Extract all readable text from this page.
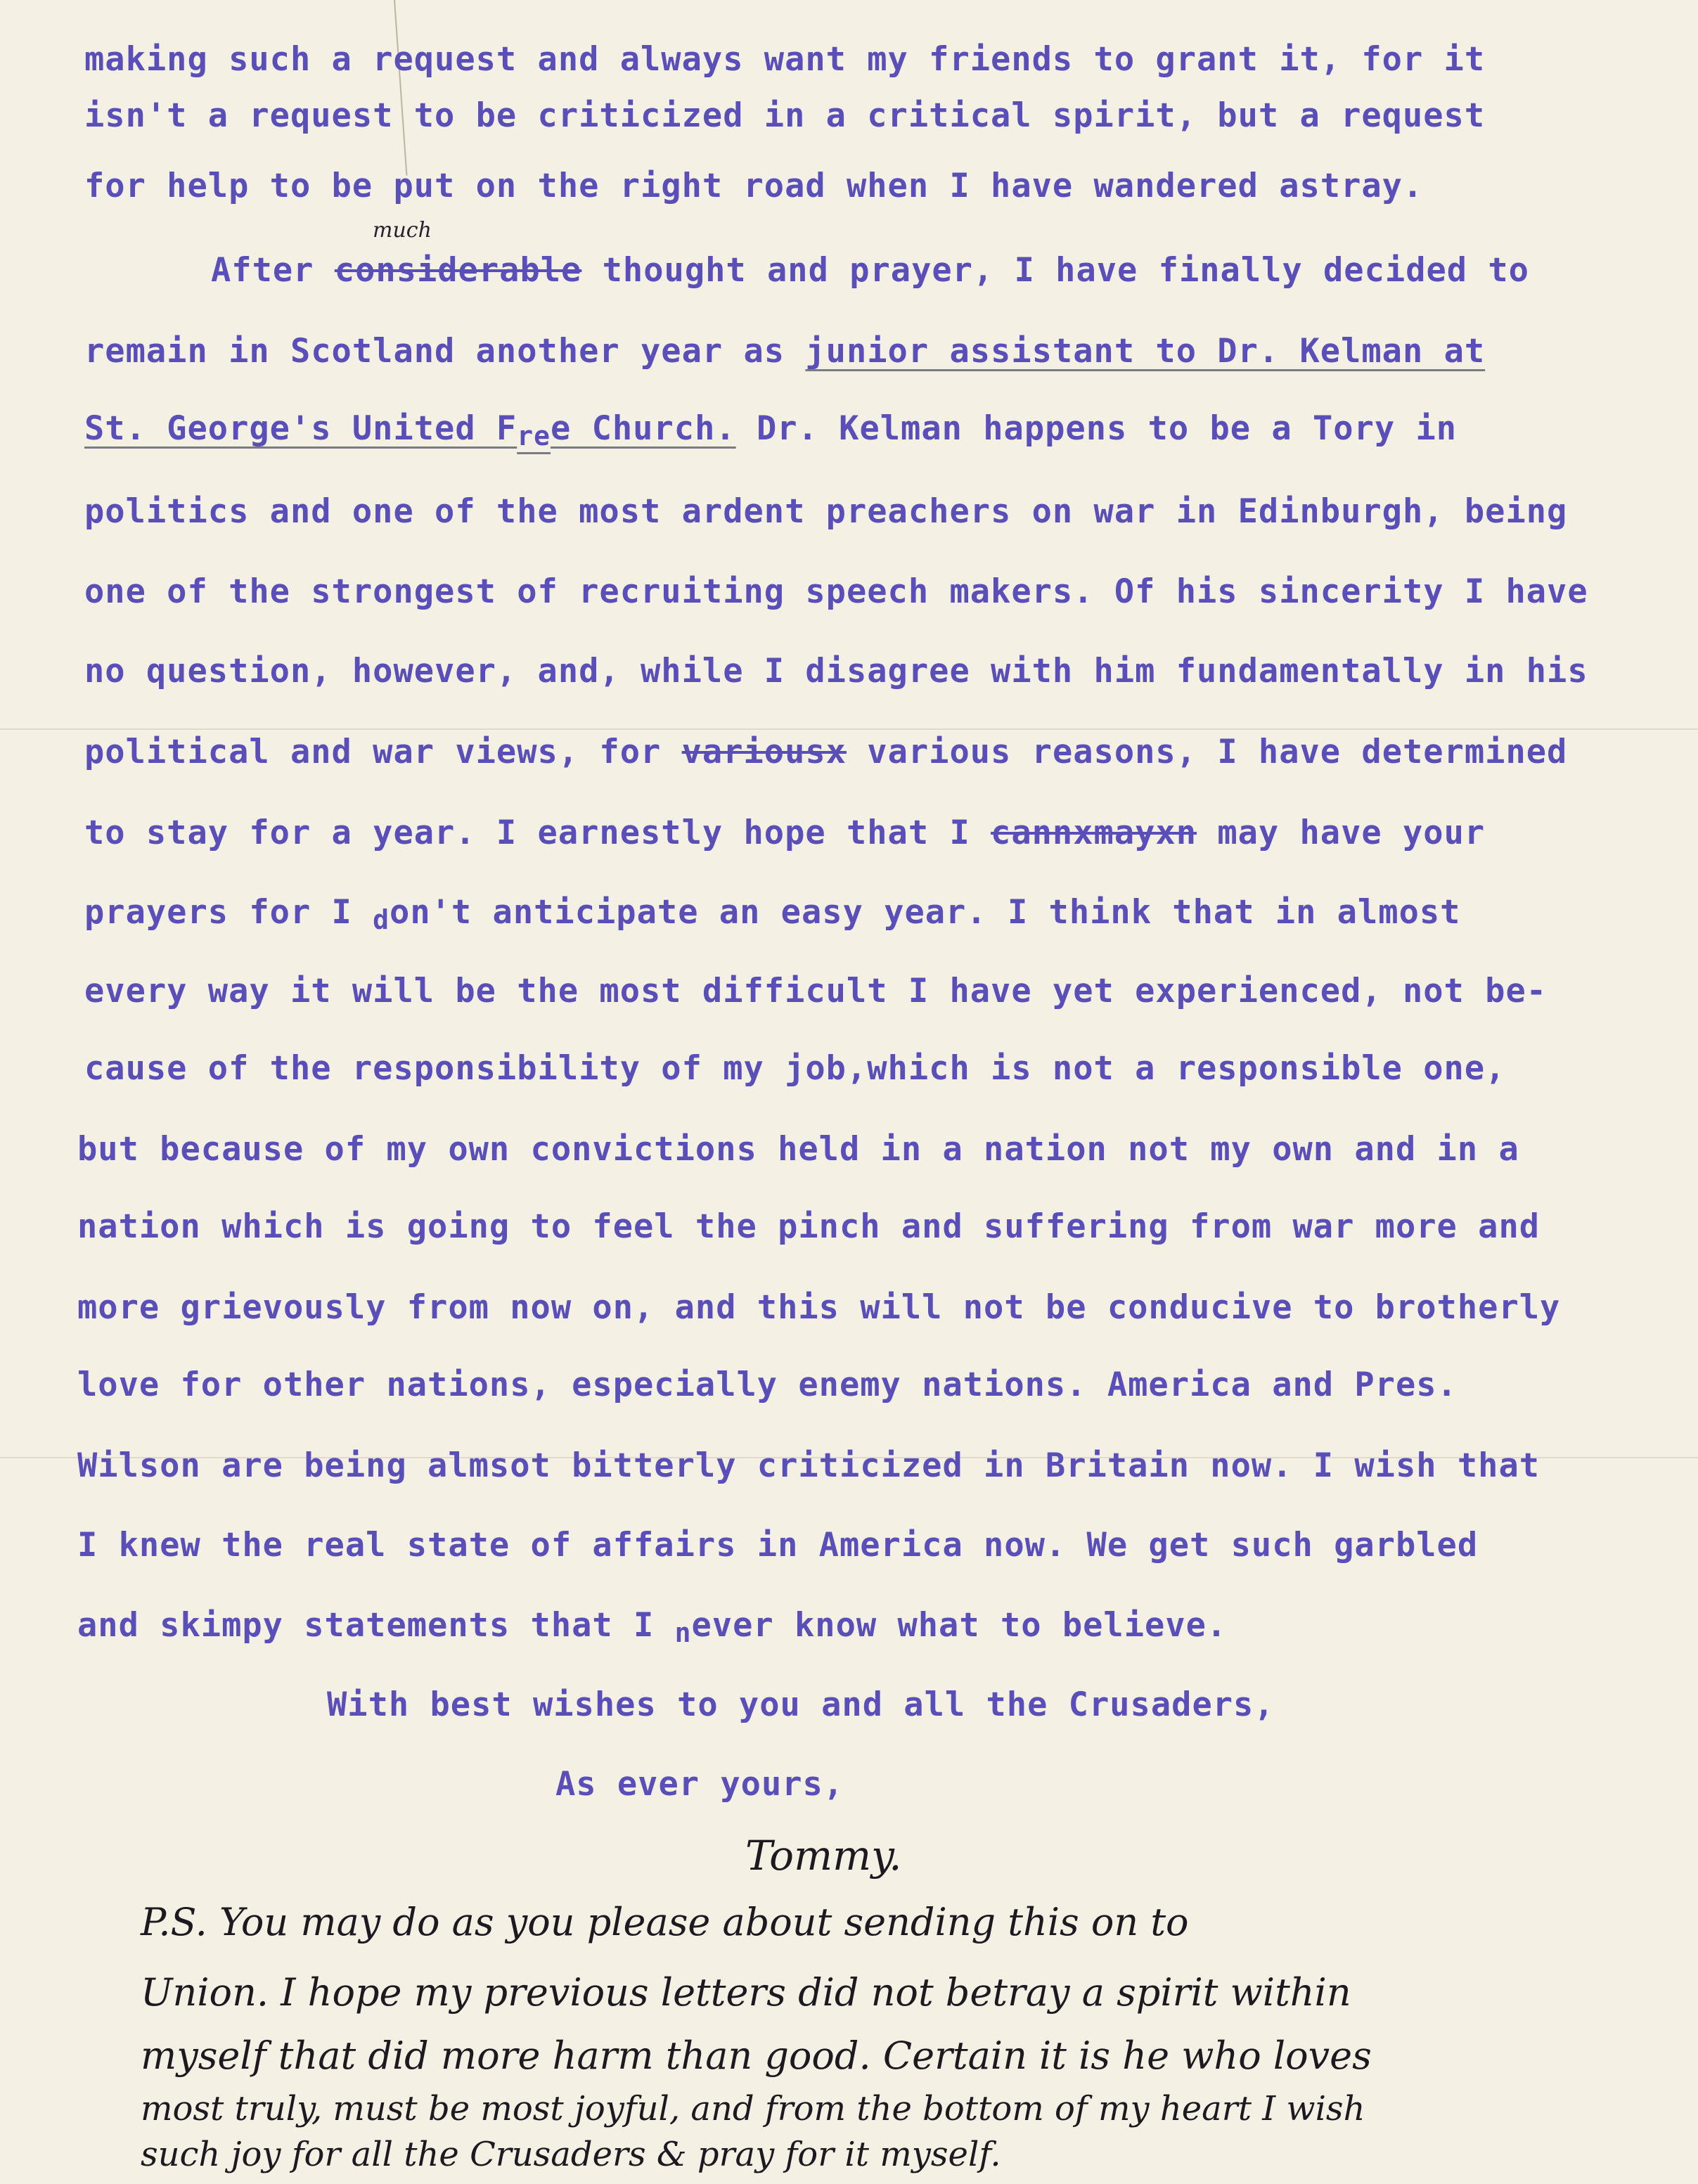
making such a request and always want my friends to grant it, for it

isn't a request to be criticized in a critical spirit, but a request

for help to be put on the right road when I have wandered astray.

much

After considerable thought and prayer, I have finally decided to

remain in Scotland another year as junior assistant to Dr. Kelman at

St. George's United Free Church. Dr. Kelman happens to be a Tory in

politics and one of the most ardent preachers on war in Edinburgh, being

one of the strongest of recruiting speech makers. Of his sincerity I have

no question, however, and, while I disagree with him fundamentally in his

political and war views, for variousx various reasons, I have determined

to stay for a year. I earnestly hope that I cannxmayxn may have your

prayers for I don't anticipate an easy year. I think that in almost

every way it will be the most difficult I have yet experienced, not be-

cause of the responsibility of my job,which is not a responsible one,

but because of my own convictions held in a nation not my own and in a

nation which is going to feel the pinch and suffering from war more and

more grievously from now on, and this will not be conducive to brotherly

love for other nations, especially enemy nations. America and Pres.

Wilson are being almsot bitterly criticized in Britain now. I wish that

I knew the real state of affairs in America now. We get such garbled

and skimpy statements that I never know what to believe.

With best wishes to you and all the Crusaders,

As ever yours,

Tommy.

P.S. You may do as you please about sending this on to

Union. I hope my previous letters did not betray a spirit within

myself that did more harm than good. Certain it is he who loves

most truly, must be most joyful, and from the bottom of my heart I wish

such joy for all the Crusaders & pray for it myself.
